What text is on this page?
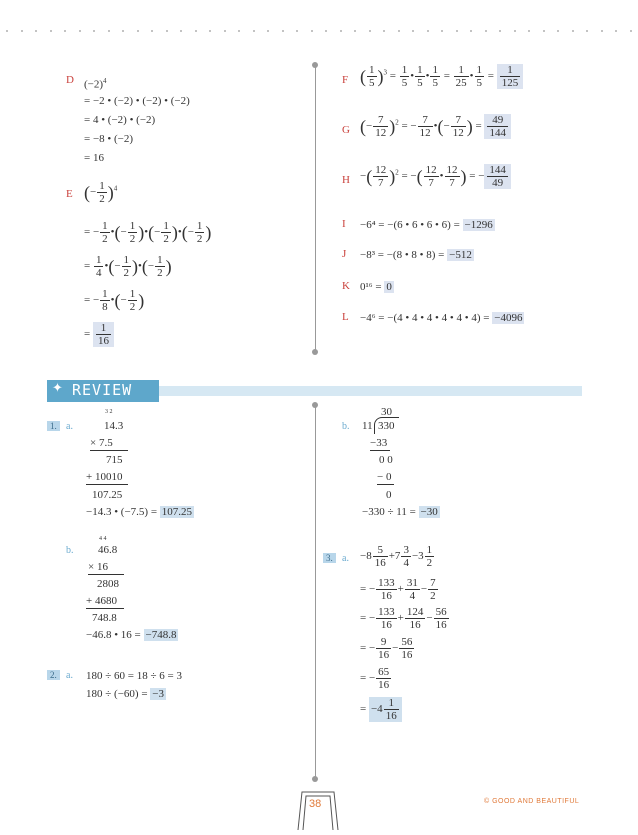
D $(-2)^4$
= −2 • (−2) • (−2) • (−2)
= 4 • (−2) • (−2)
= −8 • (−2)
= 16
E (− $\frac{1}{2} )^4$
= − $\frac{1}{2}$ •(− $\frac{1}{2}$ )•(− $\frac{1}{2}$ )•(− $\frac{1}{2}$ )
= $\frac{1}{4}$ •(− $\frac{1}{2}$ )•(− $\frac{1}{2}$ )
= − $\frac{1}{8}$ •(− $\frac{1}{2}$ )
= $\frac{1}{16}$
F ( $\frac{1}{5} )^3 = \frac{1}{5}$ • $\frac{1}{5}$ • $\frac{1}{5} = \frac{1}{25}$ • $\frac{1}{5} = \frac{1}{125}$
G (− $\frac{7}{12} )^2$ = − $\frac{7}{12}$ •(− $\frac{7}{12}$ ) = $\frac{49}{144}$
H −( $\frac{12}{7} )^2$ = −( $\frac{12}{7}$ • $\frac{12}{7}$ ) = − $\frac{144}{49}$
I −6⁴ = −(6 • 6 • 6 • 6) = −1296
J −8³ = −(8 • 8 • 8) = −512
K 0¹⁶ = 0
L −4⁶ = −(4 • 4 • 4 • 4 • 4 • 4) = −4096
✦ REVIEW
1. a.
3 2
14.3
× 7.5
715
+ 10010
107.25
−14.3 • (−7.5) = 107.25
b.
4 4
46.8
× 16
2808
+ 4680
748.8
−46.8 • 16 = −748.8
b.
30
11 330
−33
0 0
− 0
0
−330 ÷ 11 = −30
2. a. 180 ÷ 60 = 18 ÷ 6 = 3
180 ÷ (−60) = −3
3. a. $-8 \frac{5}{16} +7 \frac{3}{4} -3 \frac{1}{2}$
= − $\frac{133}{16} + \frac{31}{4} - \frac{7}{2}$
= − $\frac{133}{16} + \frac{124}{16} - \frac{56}{16}$
= − $\frac{9}{16} - \frac{56}{16}$
= − $\frac{65}{16}$
= $-4 \frac{1}{16}$
38	© GOOD AND BEAUTIFUL
